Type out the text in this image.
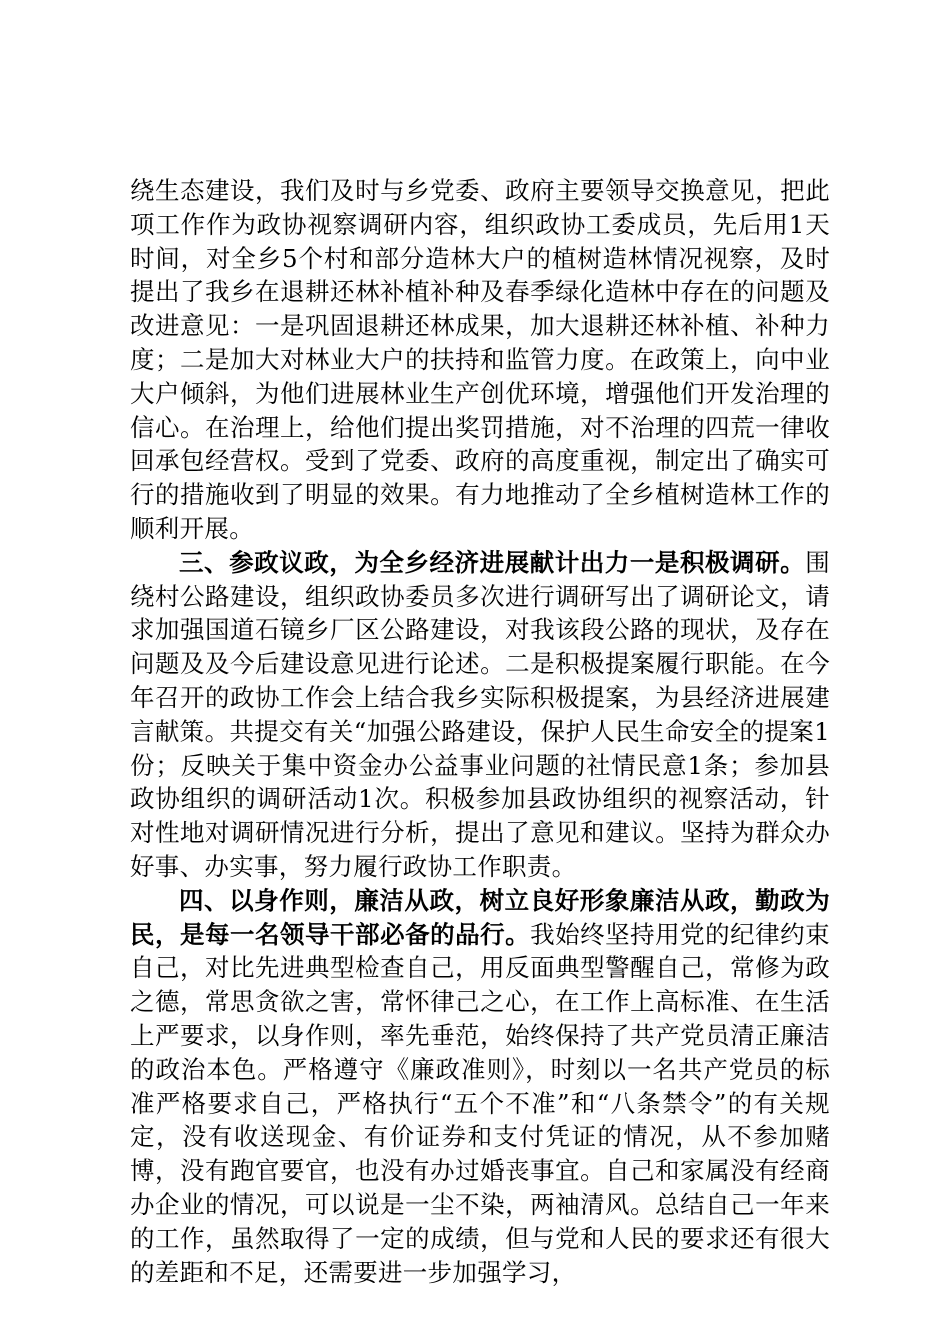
绕生态建设，我们及时与乡党委、政府主要领导交换意见，把此项工作作为政协视察调研内容，组织政协工委成员，先后用1天时间，对全乡5个村和部分造林大户的植树造林情况视察，及时提出了我乡在退耕还林补植补种及春季绿化造林中存在的问题及改进意见：一是巩固退耕还林成果，加大退耕还林补植、补种力度；二是加大对林业大户的扶持和监管力度。在政策上，向中业大户倾斜，为他们进展林业生产创优环境，增强他们开发治理的信心。在治理上，给他们提出奖罚措施，对不治理的四荒一律收回承包经营权。受到了党委、政府的高度重视，制定出了确实可行的措施收到了明显的效果。有力地推动了全乡植树造林工作的顺利开展。

三、参政议政，为全乡经济进展献计出力一是积极调研。围绕村公路建设，组织政协委员多次进行调研写出了调研论文，请求加强国道石镜乡厂区公路建设，对我该段公路的现状，及存在问题及及今后建设意见进行论述。二是积极提案履行职能。在今年召开的政协工作会上结合我乡实际积极提案，为县经济进展建言献策。共提交有关“加强公路建设，保护人民生命安全的提案1份；反映关于集中资金办公益事业问题的社情民意1条；参加县政协组织的调研活动1次。积极参加县政协组织的视察活动，针对性地对调研情况进行分析，提出了意见和建议。坚持为群众办好事、办实事，努力履行政协工作职责。

四、以身作则，廉洁从政，树立良好形象廉洁从政，勤政为民，是每一名领导干部必备的品行。我始终坚持用党的纪律约束自己，对比先进典型检查自己，用反面典型警醒自己，常修为政之德，常思贪欲之害，常怀律己之心，在工作上高标准、在生活上严要求，以身作则，率先垂范，始终保持了共产党员清正廉洁的政治本色。严格遵守《廉政准则》，时刻以一名共产党员的标准严格要求自己，严格执行“五个不准”和“八条禁令”的有关规定，没有收送现金、有价证券和支付凭证的情况，从不参加赌博，没有跑官要官，也没有办过婚丧事宜。自己和家属没有经商办企业的情况，可以说是一尘不染，两袖清风。总结自己一年来的工作，虽然取得了一定的成绩，但与党和人民的要求还有很大的差距和不足，还需要进一步加强学习，
